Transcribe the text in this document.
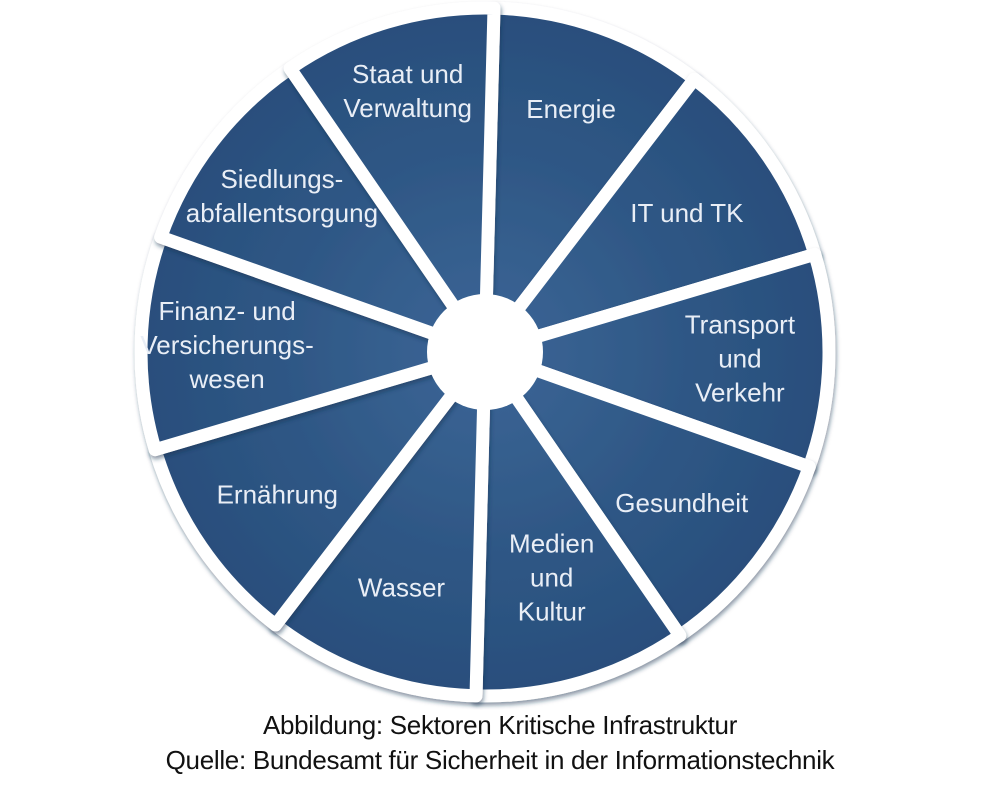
Energie
IT und TK
Transport und Verkehr
Gesundheit
Medien und Kultur
Wasser
Ernährung
Finanz- und Versicherungs-wesen
Siedlungs-abfallentsorgung
Staat und Verwaltung
Abbildung: Sektoren Kritische Infrastruktur
Quelle: Bundesamt für Sicherheit in der Informationstechnik
